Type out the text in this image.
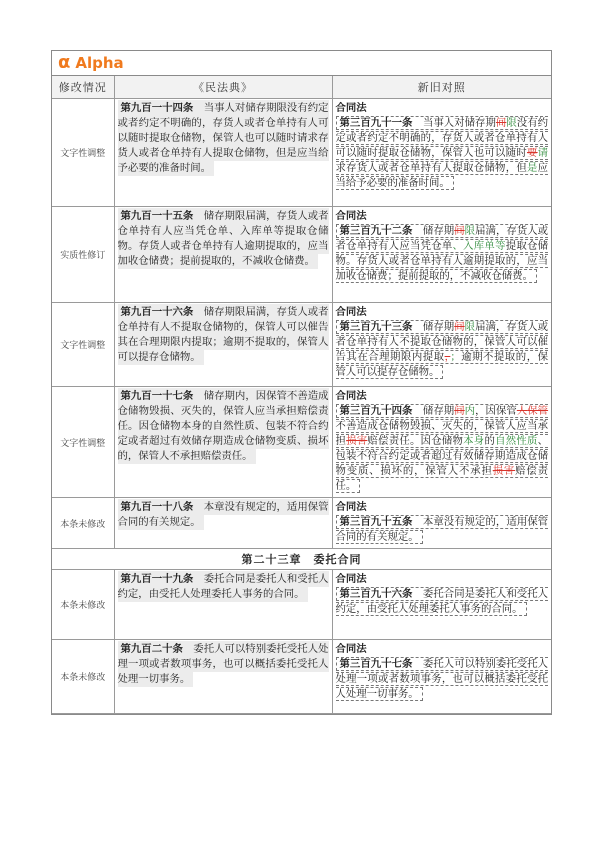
α Alpha
修改情况	《民法典》	新旧对照
文字性调整	第九百一十四条　当事人对储存期限没有约定或者约定不明确的，存货人或者仓单持有人可以随时提取仓储物，保管人也可以随时请求存货人或者仓单持有人提取仓储物，但是应当给予必要的准备时间。	合同法
第三百九十一条　当事人对储存期间限没有约定或者约定不明确的，存货人或者仓单持有人可以随时提取仓储物，保管人也可以随时要请求存货人或者仓单持有人提取仓储物，但是应当给予必要的准备时间。
实质性修订	第九百一十五条　储存期限届满，存货人或者仓单持有人应当凭仓单、入库单等提取仓储物。存货人或者仓单持有人逾期提取的，应当加收仓储费；提前提取的，不减收仓储费。	合同法
第三百九十二条　储存期间限届满，存货人或者仓单持有人应当凭仓单、入库单等提取仓储物。存货人或者仓单持有人逾期提取的，应当加收仓储费；提前提取的，不减收仓储费。
文字性调整	第九百一十六条　储存期限届满，存货人或者仓单持有人不提取仓储物的，保管人可以催告其在合理期限内提取；逾期不提取的，保管人可以提存仓储物。	合同法
第三百九十三条　储存期间限届满，存货人或者仓单持有人不提取仓储物的，保管人可以催告其在合理期限内提取，；逾期不提取的，保管人可以提存仓储物。
文字性调整	第九百一十七条　储存期内，因保管不善造成仓储物毁损、灭失的，保管人应当承担赔偿责任。因仓储物本身的自然性质、包装不符合约定或者超过有效储存期造成仓储物变质、损坏的，保管人不承担赔偿责任。	合同法
第三百九十四条　储存期间内，因保管人保管不善造成仓储物毁损、灭失的，保管人应当承担损害赔偿责任。因仓储物本身的自然性质、包装不符合约定或者超过有效储存期造成仓储物变质、损坏的，保管人不承担损害赔偿责任。
本条未修改	第九百一十八条　本章没有规定的，适用保管合同的有关规定。	合同法
第三百九十五条　本章没有规定的，适用保管合同的有关规定。
第二十三章　委托合同		
本条未修改	第九百一十九条　委托合同是委托人和受托人约定，由受托人处理委托人事务的合同。	合同法
第三百九十六条　委托合同是委托人和受托人约定，由受托人处理委托人事务的合同。
本条未修改	第九百二十条　委托人可以特别委托受托人处理一项或者数项事务，也可以概括委托受托人处理一切事务。	合同法
第三百九十七条　委托人可以特别委托受托人处理一项或者数项事务，也可以概括委托受托人处理一切事务。
